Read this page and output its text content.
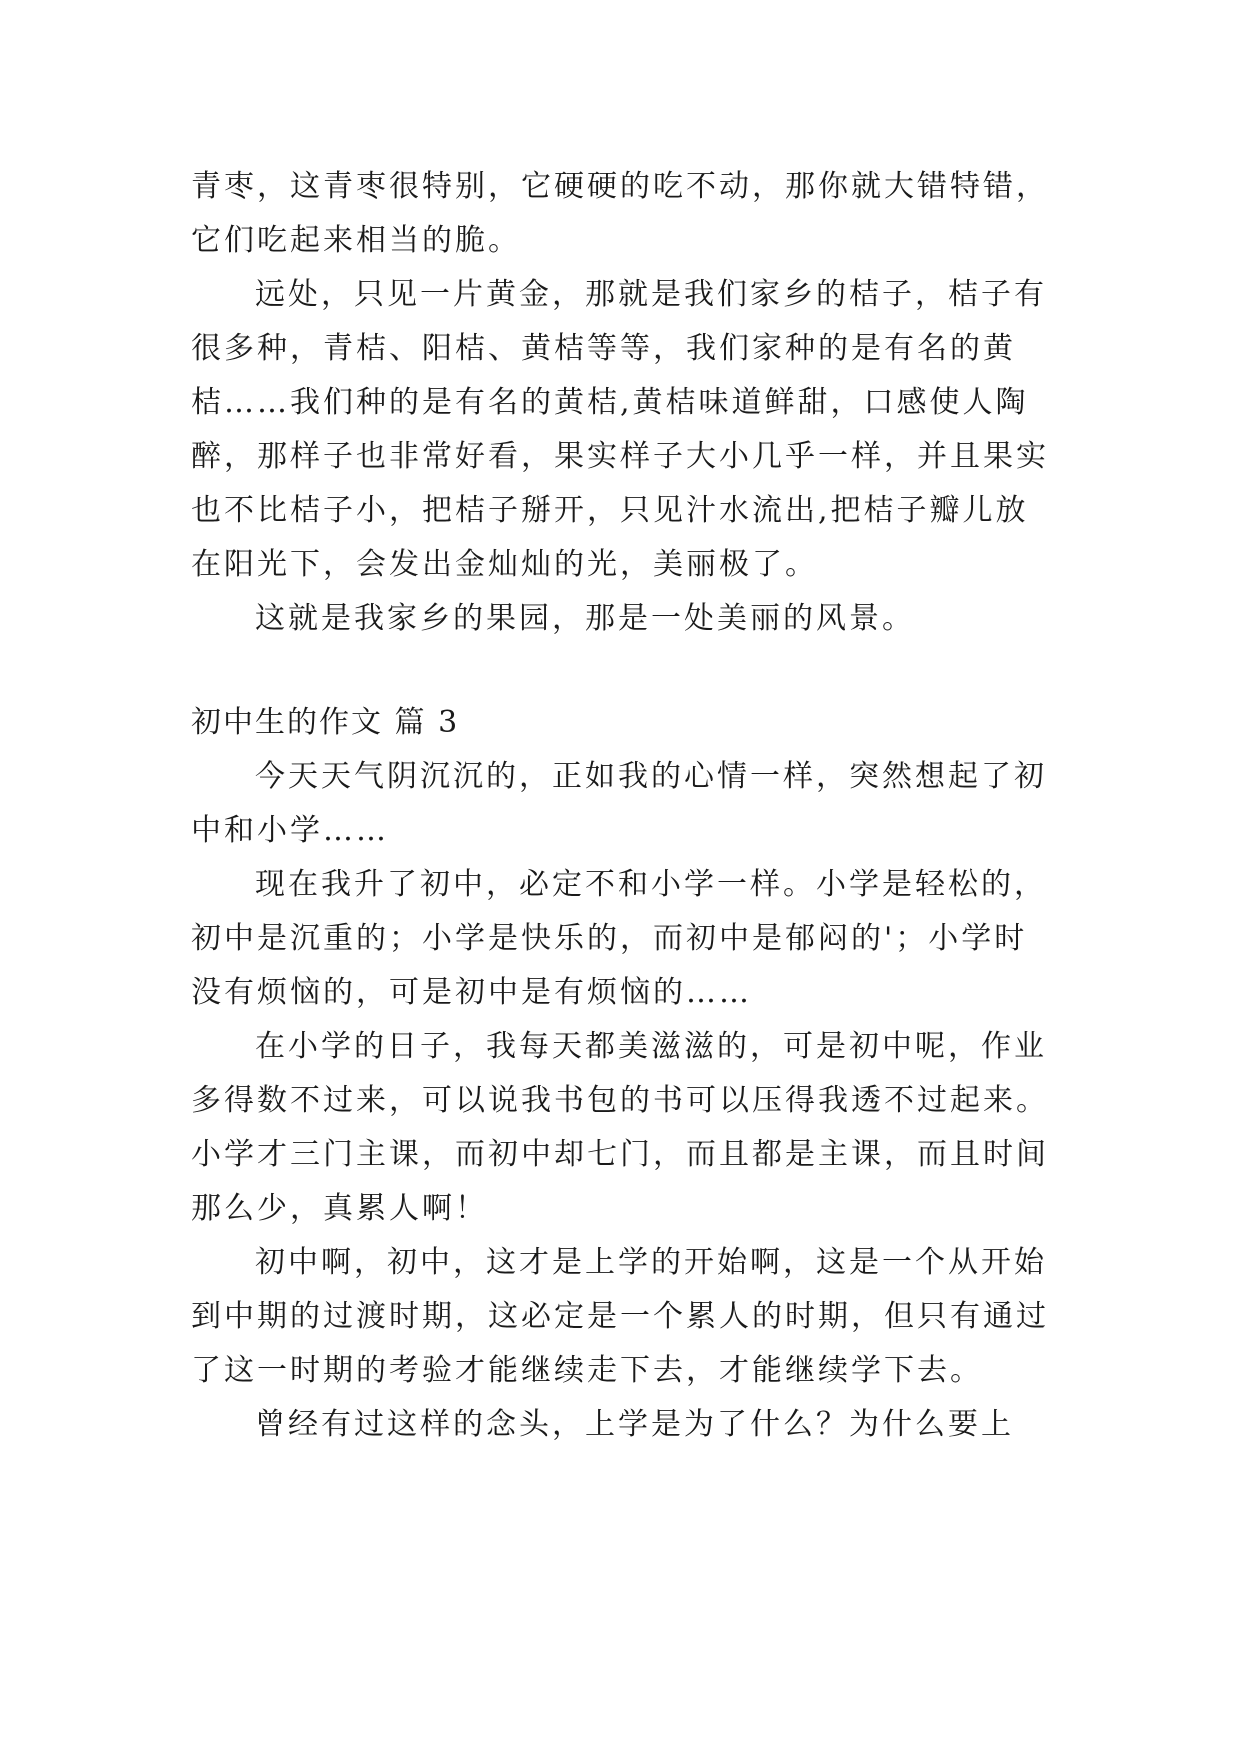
青枣，这青枣很特别，它硬硬的吃不动，那你就大错特错，
它们吃起来相当的脆。
远处，只见一片黄金，那就是我们家乡的桔子，桔子有
很多种，青桔、阳桔、黄桔等等，我们家种的是有名的黄
桔……我们种的是有名的黄桔,黄桔味道鲜甜，口感使人陶
醉，那样子也非常好看，果实样子大小几乎一样，并且果实
也不比桔子小，把桔子掰开，只见汁水流出,把桔子瓣儿放
在阳光下，会发出金灿灿的光，美丽极了。
这就是我家乡的果园，那是一处美丽的风景。
初中生的作文 篇 3
今天天气阴沉沉的，正如我的心情一样，突然想起了初
中和小学……
现在我升了初中，必定不和小学一样。小学是轻松的，
初中是沉重的；小学是快乐的，而初中是郁闷的'；小学时
没有烦恼的，可是初中是有烦恼的……
在小学的日子，我每天都美滋滋的，可是初中呢，作业
多得数不过来，可以说我书包的书可以压得我透不过起来。
小学才三门主课，而初中却七门，而且都是主课，而且时间
那么少，真累人啊！
初中啊，初中，这才是上学的开始啊，这是一个从开始
到中期的过渡时期，这必定是一个累人的时期，但只有通过
了这一时期的考验才能继续走下去，才能继续学下去。
曾经有过这样的念头，上学是为了什么？为什么要上
